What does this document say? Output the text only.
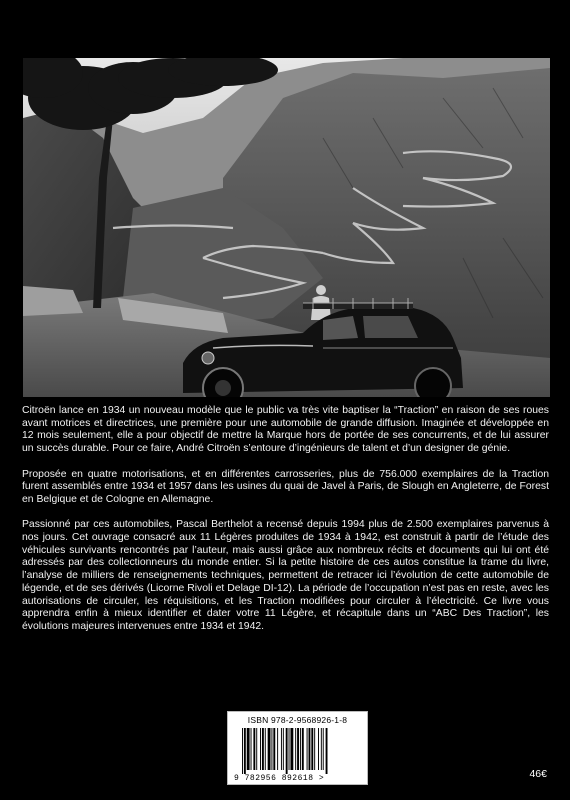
Citroën lance en 1934 un nouveau modèle que le public va très vite baptiser la “Traction” en raison de ses roues avant motrices et directrices, une première pour une automobile de grande diffusion. Imaginée et développée en 12 mois seulement, elle a pour objectif de mettre la Marque hors de portée de ses concurrents, et de lui assurer un succès durable. Pour ce faire, André Citroën s’entoure d’ingénieurs de talent et d’un designer de génie.

Proposée en quatre motorisations, et en différentes carrosseries, plus de 756.000 exemplaires de la Traction furent assemblés entre 1934 et 1957 dans les usines du quai de Javel à Paris, de Slough en Angleterre, de Forest en Belgique et de Cologne en Allemagne.

Passionné par ces automobiles, Pascal Berthelot a recensé depuis 1994 plus de 2.500 exemplaires parvenus à nos jours. Cet ouvrage consacré aux 11 Légères produites de 1934 à 1942, est construit à partir de l’étude des véhicules survivants rencontrés par l’auteur, mais aussi grâce aux nombreux récits et documents qui lui ont été adressés par des collectionneurs du monde entier. Si la petite histoire de ces autos constitue la trame du livre, l’analyse de milliers de renseignements techniques, permettent de retracer ici l’évolution de cette automobile de légende, et de ses dérivés (Licorne Rivoli et Delage DI-12). La période de l’occupation n’est pas en reste, avec les autorisations de circuler, les réquisitions, et les Traction modifiées pour circuler à l’électricité. Ce livre vous apprendra enfin à mieux identifier et dater votre 11 Légère, et récapitule dans un “ABC Des Traction”, les évolutions majeures intervenues entre 1934 et 1942.

ISBN 978-2-9568926-1-8
9 782956 892618 >	46€
